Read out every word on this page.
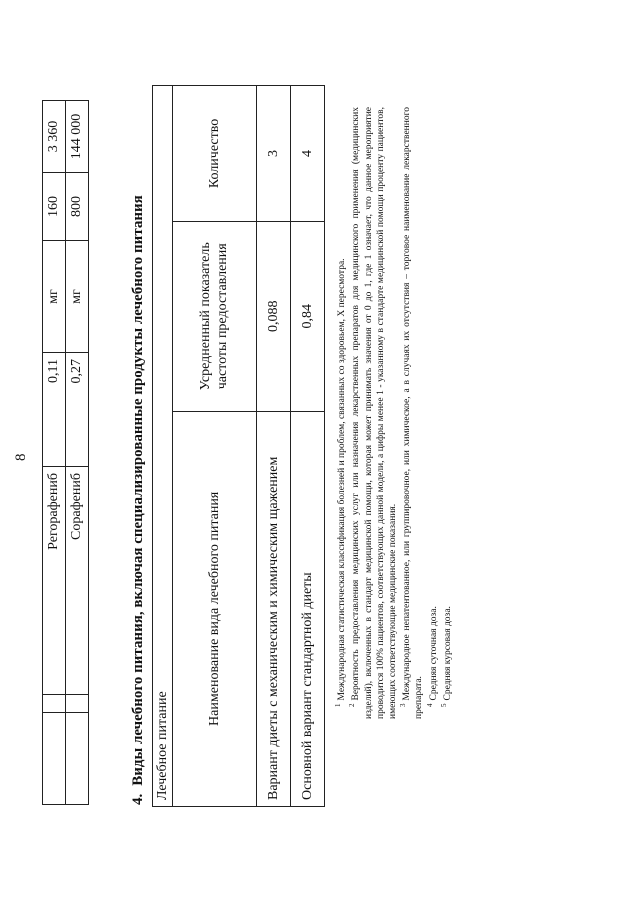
8
		Регорафениб	0,11	мг	160	3 360
		Сорафениб	0,27	мг	800	144 000
4.Виды лечебного питания, включая специализированные продукты лечебного питания Лечебное питание		
Наименование вида лечебного питания	Усредненный показатель частоты предоставления	Количество
Вариант диеты с механическим и химическим щажением	0,088	3
Основной вариант стандартной диеты	0,84	4

$^1$Международная статистическая классификация болезней и проблем, связанных со здоровьем, X пересмотра.

$^2$Вероятность предоставления медицинских услуг или назначения лекарственных препаратов для медицинского применения (медицинских изделий), включенных в стандарт медицинской помощи, которая может принимать значения от 0 до 1, где 1 означает, что данное мероприятие проводится 100% пациентов, соответствующих данной модели, а цифры менее 1 - указанному в стандарте медицинской помощи проценту пациентов, имеющих соответствующие медицинские показания. $^3$Международное непатентованное, или группировочное, или химическое, а в случаях их отсутствия – торговое наименование лекарственного препарата. $^4$Средняя суточная доза.

$^5$Средняя курсовая доза.
